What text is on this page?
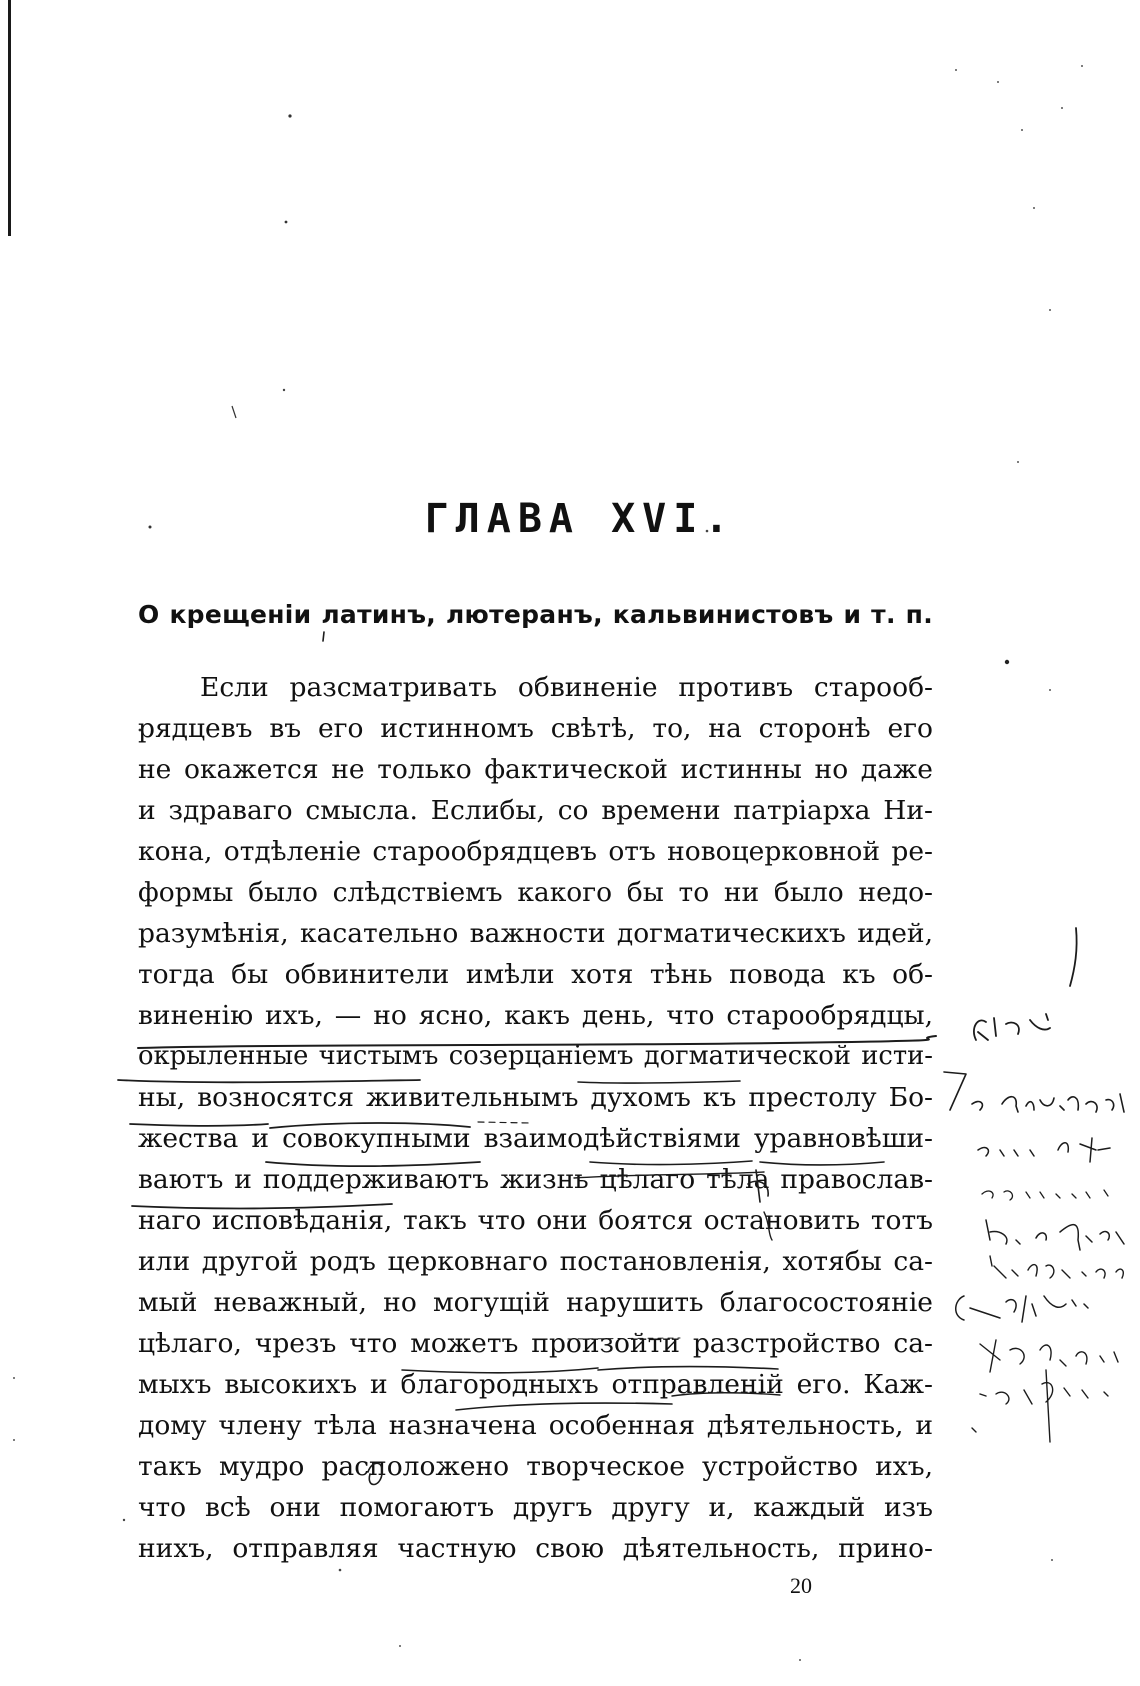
ГЛАВА XVI.
О крещеніи латинъ, лютеранъ, кальвинистовъ и т. п.
Если разсматривать обвиненіе противъ старооб-
рядцевъ въ его истинномъ свѣтѣ, то, на сторонѣ его
не окажется не только фактической истинны но даже
и здраваго смысла. Еслибы, со времени патріарха Ни-
кона, отдѣленіе старообрядцевъ отъ новоцерковной ре-
формы было слѣдствіемъ какого бы то ни было недо-
разумѣнія, касательно важности догматическихъ идей,
тогда бы обвинители имѣли хотя тѣнь повода къ об-
виненію ихъ, — но ясно, какъ день, что старообрядцы,
окрыленные чистымъ созерцаніемъ догматической исти-
ны, возносятся живительнымъ духомъ къ престолу Бо-
жества и совокупными взаимодѣйствіями уравновѣши-
ваютъ и поддерживаютъ жизнь цѣлаго тѣла православ-
наго исповѣданія, такъ что они боятся остановить тотъ
или другой родъ церковнаго постановленія, хотябы са-
мый неважный, но могущій нарушить благосостояніе
цѣлаго, чрезъ что можетъ произойти разстройство са-
мыхъ высокихъ и благородныхъ отправленій его. Каж-
дому члену тѣла назначена особенная дѣятельность, и
такъ мудро расположено творческое устройство ихъ,
что всѣ они помогаютъ другъ другу и, каждый изъ
нихъ, отправляя частную свою дѣятельность, прино-
20
